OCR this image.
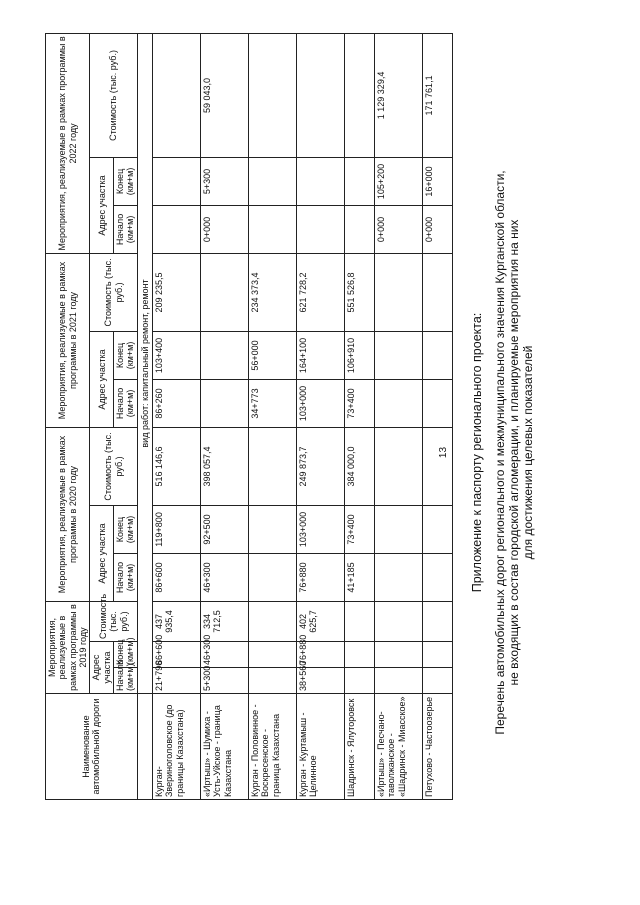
13 Приложение к паспорту регионального проекта: Перечень автомобильных дорог регионального и межмуниципального значения Курганской области, не входящих в состав городской агломерации, и планируемые мероприятия на них для достижения целевых показателей
Наименование автомобильной дороги	Мероприятия, реализуемые в рамках программы в 2019 году			Мероприятия, реализуемые в рамках программы в 2020 году			Мероприятия, реализуемые в рамках программы в 2021 году			Мероприятия, реализуемые в рамках программы в 2022 году		
	Адрес участка		Стоимость (тыс. руб.)	Адрес участка		Стоимость (тыс. руб.)	Адрес участка		Стоимость (тыс. руб.)	Адрес участка		Стоимость (тыс. руб.)
	Начало (км+м)	Конец (км+м)		Начало (км+м)	Конец (км+м)		Начало (км+м)	Конец (км+м)		Начало (км+м)	Конец (км+м)	
	вид работ: капитальный ремонт, ремонт											
Курган-Звериноголовское (до границы Казахстана)	21+796	86+600	437 935,4	86+600	119+800	516 146,6	86+260	103+400	209 235,5			
«Иртыш» - Шумиха - Усть-Уйское - граница Казахстана	5+300	46+300	334 712,5	46+300	92+500	398 057,4				0+000	5+300	59 043,0
Курган - Половинное - Воскресенское - граница Казахстана							34+773	56+000	234 373,4			
Курган - Куртамыш - Целинное	38+560	76+880	402 625,7	76+880	103+000	249 873,7	103+000	164+100	621 728,2			
Шадринск - Ялуторовск				41+185	73+400	384 000,0	73+400	106+910	551 526,8			
«Иртыш» - Песчано-таволжанское - «Шадринск - Миасское»										0+000	105+200	1 129 329,4
Петухово - Частоозерье										0+000	16+000	171 761,1
